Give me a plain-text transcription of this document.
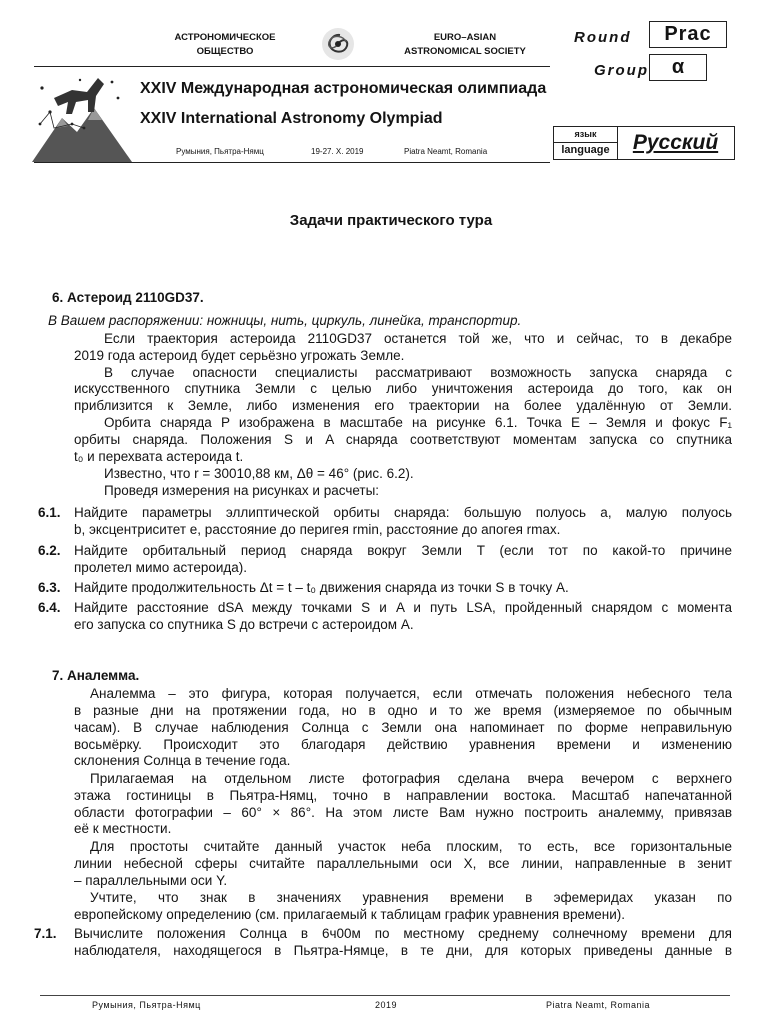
АСТРОНОМИЧЕСКОЕ
ОБЩЕСТВО
EURO–ASIAN
ASTRONOMICAL SOCIETY
Round	Prac
Group	α
XXIV Международная астрономическая олимпиада
XXIV International Astronomy Olympiad
Румыния, Пьятра-Нямц	19-27. X. 2019	Piatra Neamt, Romania
язык
language	Русский
Задачи практического тура
6. Астероид 2110GD37.
В Вашем распоряжении: ножницы, нить, циркуль, линейка, транспортир.
Если траектория астероида 2110GD37 останется той же, что и сейчас, то в декабре
2019 года астероид будет серьёзно угрожать Земле.
В случае опасности специалисты рассматривают возможность запуска снаряда с
искусственного спутника Земли с целью либо уничтожения астероида до того, как он
приблизится к Земле, либо изменения его траектории на более удалённую от Земли.
Орбита снаряда P изображена в масштабе на рисунке 6.1. Точка E – Земля и фокус F₁
орбиты снаряда. Положения S и A снаряда соответствуют моментам запуска со спутника
t₀ и перехвата астероида t.
Известно, что r = 30010,88 км, Δθ = 46° (рис. 6.2).
Проведя измерения на рисунках и расчеты:
6.1. Найдите параметры эллиптической орбиты снаряда: большую полуось a, малую полуось
b, эксцентриситет e, расстояние до перигея rmin, расстояние до апогея rmax.
6.2. Найдите орбитальный период снаряда вокруг Земли T (если тот по какой-то причине
пролетел мимо астероида).
6.3. Найдите продолжительность Δt = t – t₀ движения снаряда из точки S в точку A.
6.4. Найдите расстояние dSA между точками S и A и путь LSA, пройденный снарядом с момента
его запуска со спутника S до встречи с астероидом A.
7. Аналемма.
Аналемма – это фигура, которая получается, если отмечать положения небесного тела
в разные дни на протяжении года, но в одно и то же время (измеряемое по обычным
часам). В случае наблюдения Солнца с Земли она напоминает по форме неправильную
восьмёрку. Происходит это благодаря действию уравнения времени и изменению
склонения Солнца в течение года.
Прилагаемая на отдельном листе фотография сделана вчера вечером с верхнего
этажа гостиницы в Пьятра-Нямц, точно в направлении востока. Масштаб напечатанной
области фотографии – 60° × 86°. На этом листе Вам нужно построить аналемму, привязав
её к местности.
Для простоты считайте данный участок неба плоским, то есть, все горизонтальные
линии небесной сферы считайте параллельными оси X, все линии, направленные в зенит
– параллельными оси Y.
Учтите, что знак в значениях уравнения времени в эфемеридах указан по
европейскому определению (см. прилагаемый к таблицам график уравнения времени).
7.1. Вычислите положения Солнца в 6ч00м по местному среднему солнечному времени для
наблюдателя, находящегося в Пьятра-Нямце, в те дни, для которых приведены данные в
Румыния, Пьятра-Нямц	2019	Piatra Neamt, Romania
